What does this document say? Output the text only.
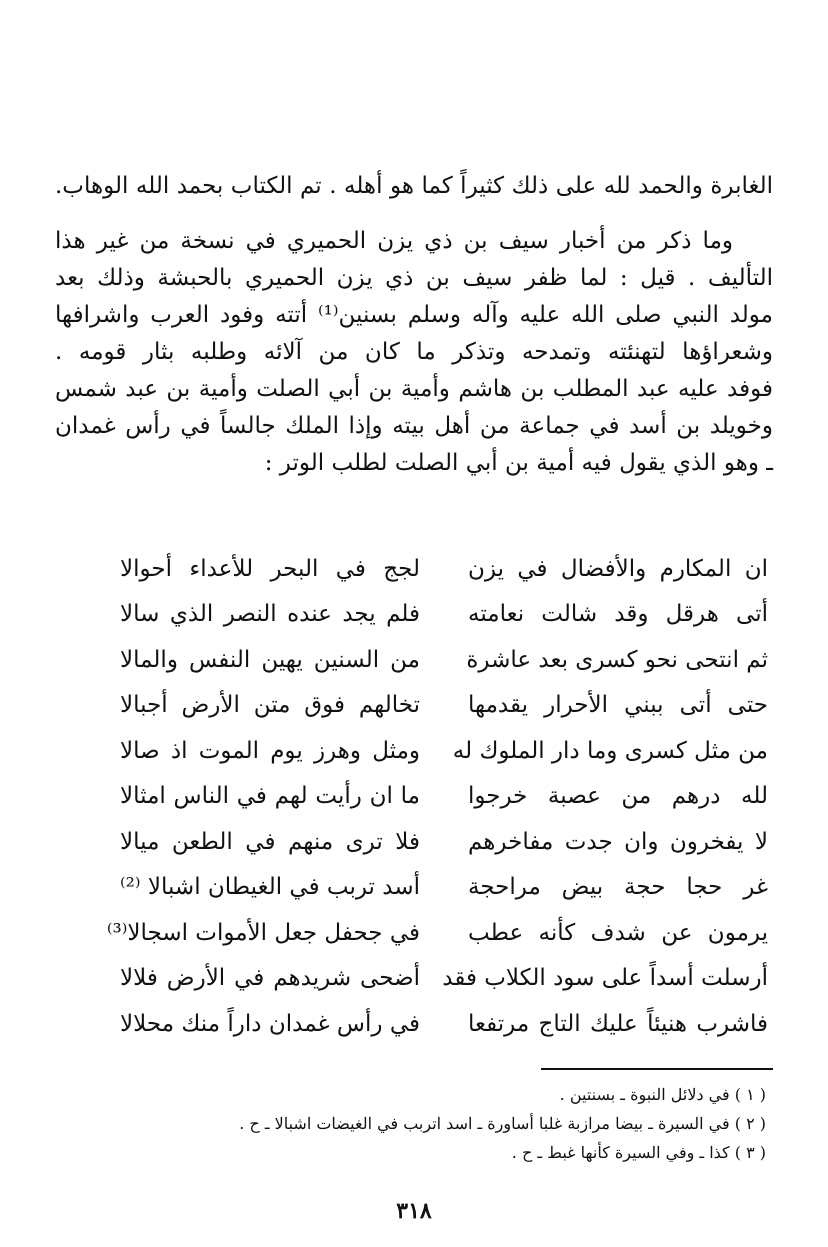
الغابرة والحمد لله على ذلك كثيراً كما هو أهله . تم الكتاب بحمد الله الوهاب.
وما ذكر من أخبار سيف بن ذي يزن الحميري في نسخة من غير هذا
التأليف . قيل : لما ظفر سيف بن ذي يزن الحميري بالحبشة وذلك بعد
مولد النبي صلى الله عليه وآله وسلم بسنين⁽¹⁾ أتته وفود العرب واشرافها
وشعراؤها لتهنئته وتمدحه وتذكر ما كان من آلائه وطلبه بثار قومه .
فوفد عليه عبد المطلب بن هاشم وأمية بن أبي الصلت وأمية بن عبد شمس
وخويلد بن أسد في جماعة من أهل بيته وإذا الملك جالساً في رأس غمدان
ـ وهو الذي يقول فيه أمية بن أبي الصلت لطلب الوتر :
ان المكارم والأفضال في يزن
لجج في البحر للأعداء أحوالا
أتى هرقل وقد شالت نعامته
فلم يجد عنده النصر الذي سالا
ثم انتحى نحو كسرى بعد عاشرة
من السنين يهين النفس والمالا
حتى أتى ببني الأحرار يقدمها
تخالهم فوق متن الأرض أجبالا
من مثل كسرى وما دار الملوك له
ومثل وهرز يوم الموت اذ صالا
لله درهم من عصبة خرجوا
ما ان رأيت لهم في الناس امثالا
لا يفخرون وان جدت مفاخرهم
فلا ترى منهم في الطعن ميالا
غر حجا حجة بيض مراحجة
أسد تربب في الغيطان اشبالا ⁽²⁾
يرمون عن شدف كأنه عطب
في جحفل جعل الأموات اسجالا⁽³⁾
أرسلت أسداً على سود الكلاب فقد
أضحى شريدهم في الأرض فلالا
فاشرب هنيئاً عليك التاج مرتفعا
في رأس غمدان داراً منك محلالا
( ١ ) في دلائل النبوة ـ بسنتين .
( ٢ ) في السيرة ـ بيضا مرازبة غلبا أساورة ـ اسد اتربب في الغيضات اشبالا ـ ح .
( ٣ ) كذا ـ وفي السيرة كأنها غبط ـ ح .
٣١٨
